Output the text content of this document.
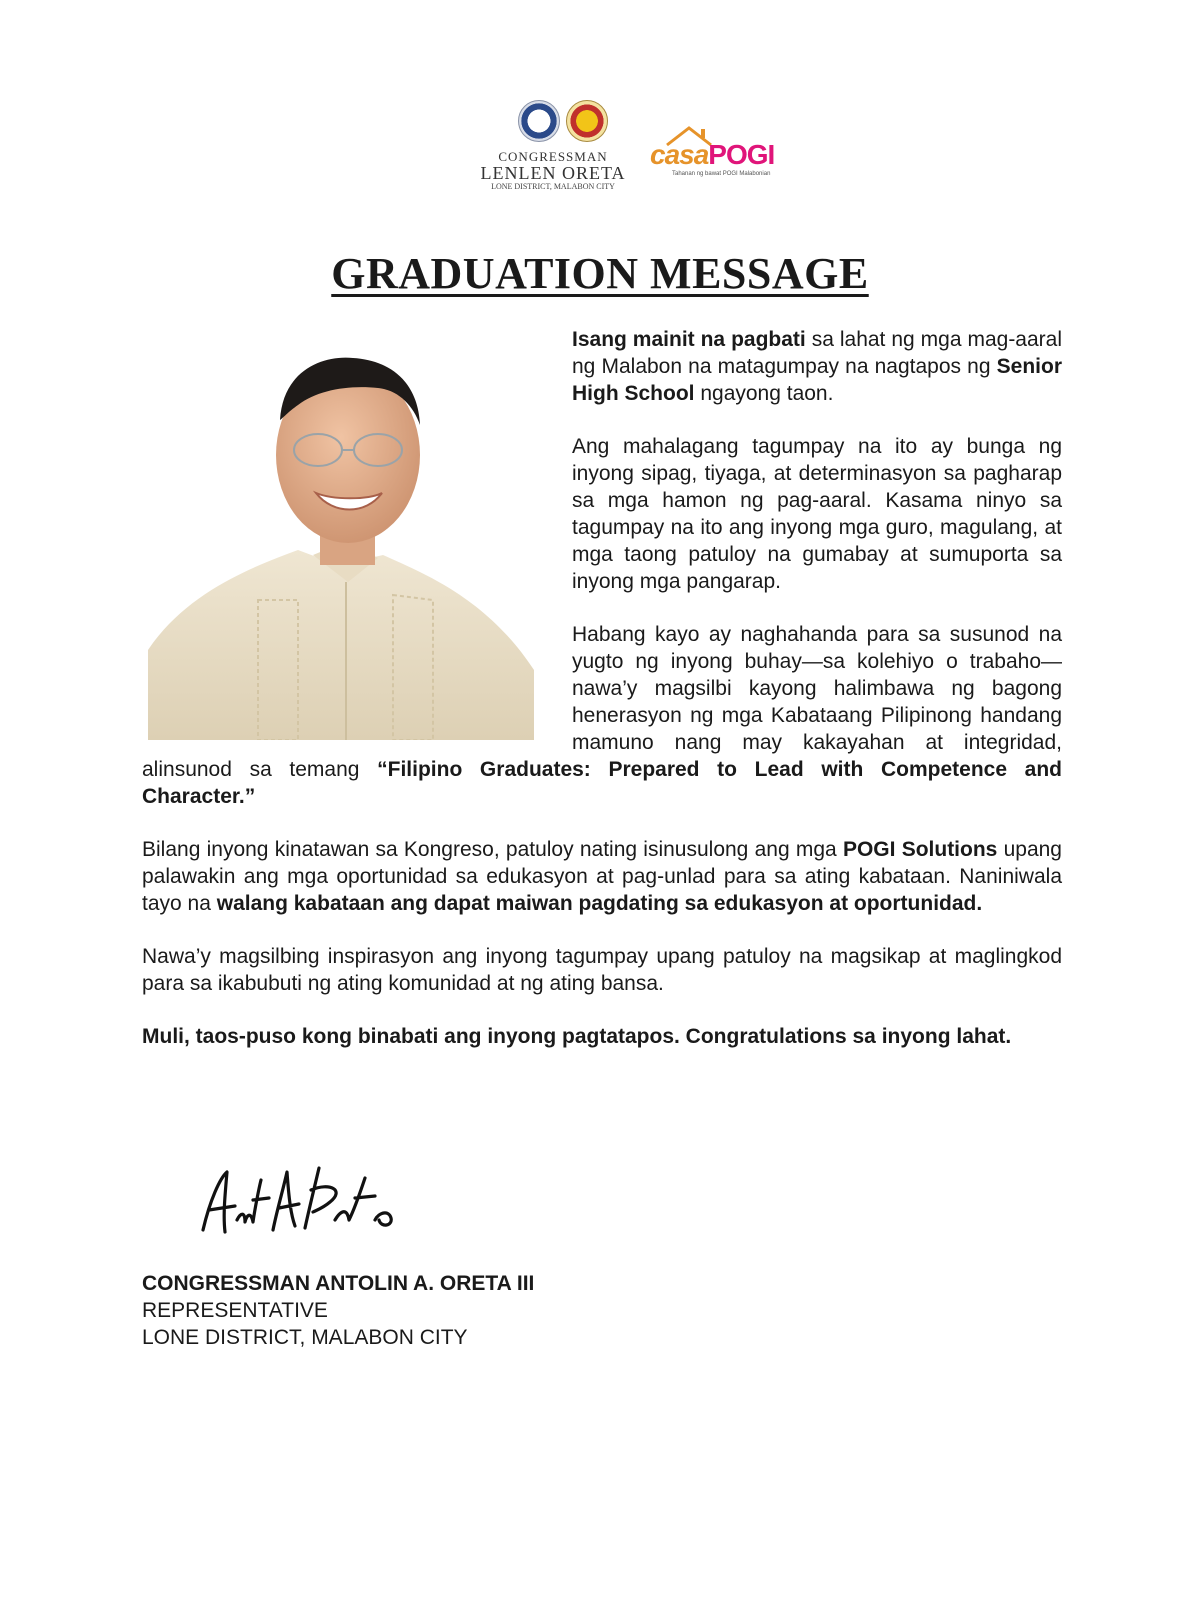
CONGRESSMAN
LENLEN ORETA
LONE DISTRICT, MALABON CITY
casaPOGI
Tahanan ng bawat POGI Malabonian
GRADUATION MESSAGE

Isang mainit na pagbati sa lahat ng mga mag-aaral ng Malabon na matagumpay na nagtapos ng Senior High School ngayong taon.

Ang mahalagang tagumpay na ito ay bunga ng inyong sipag, tiyaga, at determinasyon sa pagharap sa mga hamon ng pag-aaral. Kasama ninyo sa tagumpay na ito ang inyong mga guro, magulang, at mga taong patuloy na gumabay at sumuporta sa inyong mga pangarap.

Habang kayo ay naghahanda para sa susunod na yugto ng inyong buhay—sa kolehiyo o trabaho—nawa’y magsilbi kayong halimbawa ng bagong henerasyon ng mga Kabataang Pilipinong handang mamuno nang may kakayahan at integridad, alinsunod sa temang “Filipino Graduates: Prepared to Lead with Competence and Character.”

Bilang inyong kinatawan sa Kongreso, patuloy nating isinusulong ang mga POGI Solutions upang palawakin ang mga oportunidad sa edukasyon at pag-unlad para sa ating kabataan. Naniniwala tayo na walang kabataan ang dapat maiwan pagdating sa edukasyon at oportunidad.

Nawa’y magsilbing inspirasyon ang inyong tagumpay upang patuloy na magsikap at maglingkod para sa ikabubuti ng ating komunidad at ng ating bansa.

Muli, taos-puso kong binabati ang inyong pagtatapos. Congratulations sa inyong lahat.

CONGRESSMAN ANTOLIN A. ORETA III
REPRESENTATIVE
LONE DISTRICT, MALABON CITY
